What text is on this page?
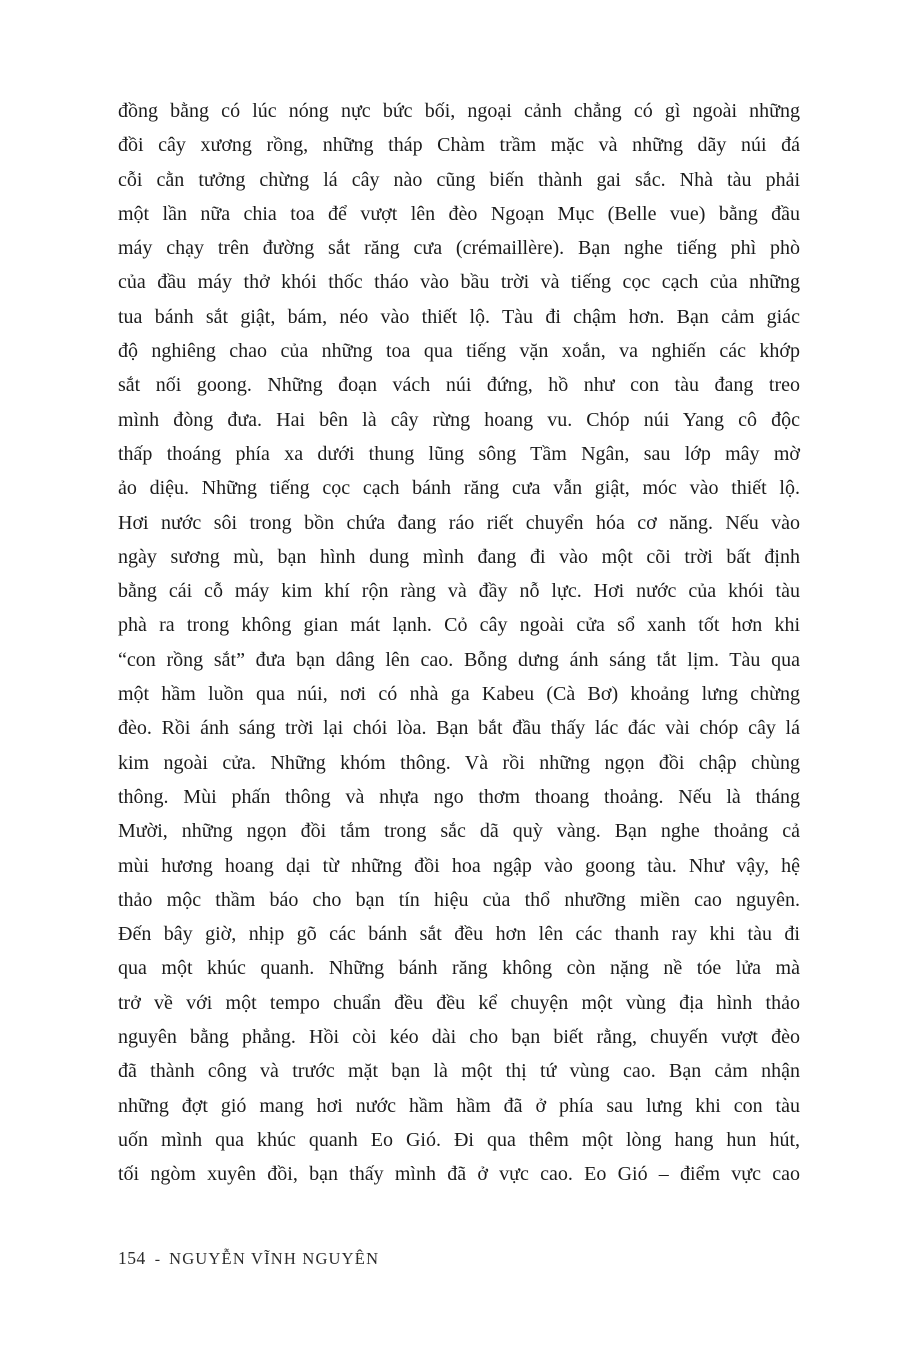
đồng bằng có lúc nóng nực bức bối, ngoại cảnh chẳng có gì ngoài những
đồi cây xương rồng, những tháp Chàm trầm mặc và những dãy núi đá
cỗi cằn tưởng chừng lá cây nào cũng biến thành gai sắc. Nhà tàu phải
một lần nữa chia toa để vượt lên đèo Ngoạn Mục (Belle vue) bằng đầu
máy chạy trên đường sắt răng cưa (crémaillère). Bạn nghe tiếng phì phò
của đầu máy thở khói thốc tháo vào bầu trời và tiếng cọc cạch của những
tua bánh sắt giật, bám, néo vào thiết lộ. Tàu đi chậm hơn. Bạn cảm giác
độ nghiêng chao của những toa qua tiếng vặn xoắn, va nghiến các khớp
sắt nối goong. Những đoạn vách núi đứng, hồ như con tàu đang treo
mình đòng đưa. Hai bên là cây rừng hoang vu. Chóp núi Yang cô độc
thấp thoáng phía xa dưới thung lũng sông Tầm Ngân, sau lớp mây mờ
ảo diệu. Những tiếng cọc cạch bánh răng cưa vẫn giật, móc vào thiết lộ.
Hơi nước sôi trong bồn chứa đang ráo riết chuyển hóa cơ năng. Nếu vào
ngày sương mù, bạn hình dung mình đang đi vào một cõi trời bất định
bằng cái cỗ máy kim khí rộn ràng và đầy nỗ lực. Hơi nước của khói tàu
phà ra trong không gian mát lạnh. Cỏ cây ngoài cửa sổ xanh tốt hơn khi
“con rồng sắt” đưa bạn dâng lên cao. Bỗng dưng ánh sáng tắt lịm. Tàu qua
một hầm luồn qua núi, nơi có nhà ga Kabeu (Cà Bơ) khoảng lưng chừng
đèo. Rồi ánh sáng trời lại chói lòa. Bạn bắt đầu thấy lác đác vài chóp cây lá
kim ngoài cửa. Những khóm thông. Và rồi những ngọn đồi chập chùng
thông. Mùi phấn thông và nhựa ngo thơm thoang thoảng. Nếu là tháng
Mười, những ngọn đồi tắm trong sắc dã quỳ vàng. Bạn nghe thoảng cả
mùi hương hoang dại từ những đồi hoa ngập vào goong tàu. Như vậy, hệ
thảo mộc thầm báo cho bạn tín hiệu của thổ nhưỡng miền cao nguyên.
Đến bây giờ, nhịp gõ các bánh sắt đều hơn lên các thanh ray khi tàu đi
qua một khúc quanh. Những bánh răng không còn nặng nề tóe lửa mà
trở về với một tempo chuẩn đều đều kể chuyện một vùng địa hình thảo
nguyên bằng phẳng. Hồi còi kéo dài cho bạn biết rằng, chuyến vượt đèo
đã thành công và trước mặt bạn là một thị tứ vùng cao. Bạn cảm nhận
những đợt gió mang hơi nước hầm hầm đã ở phía sau lưng khi con tàu
uốn mình qua khúc quanh Eo Gió. Đi qua thêm một lòng hang hun hút,
tối ngòm xuyên đồi, bạn thấy mình đã ở vực cao. Eo Gió – điểm vực cao
154 - NGUYỄN VĨNH NGUYÊN
